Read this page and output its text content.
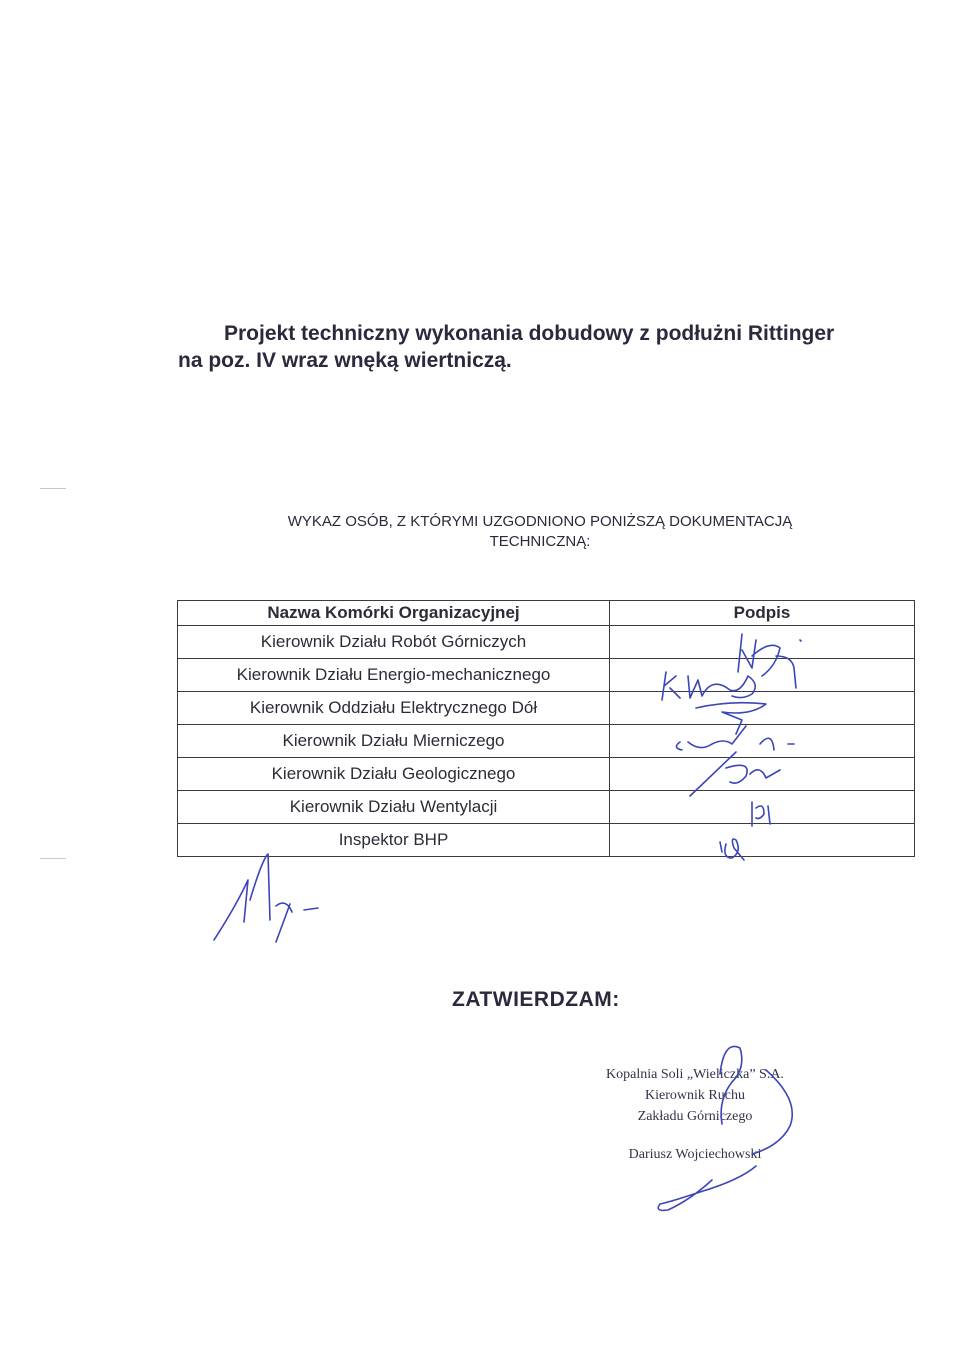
Projekt techniczny wykonania dobudowy z podłużni Rittinger
na poz. IV wraz wnęką wiertniczą.
WYKAZ OSÓB, Z KTÓRYMI UZGODNIONO PONIŻSZĄ DOKUMENTACJĄ
TECHNICZNĄ:
Nazwa Komórki Organizacyjnej	Podpis
Kierownik Działu Robót Górniczych	
Kierownik Działu Energio-mechanicznego	
Kierownik Oddziału Elektrycznego Dół	
Kierownik Działu Mierniczego	
Kierownik Działu Geologicznego	
Kierownik Działu Wentylacji	
Inspektor BHP	
ZATWIERDZAM:
Kopalnia Soli „Wieliczka” S.A.
Kierownik Ruchu
Zakładu Górniczego
Dariusz Wojciechowski
